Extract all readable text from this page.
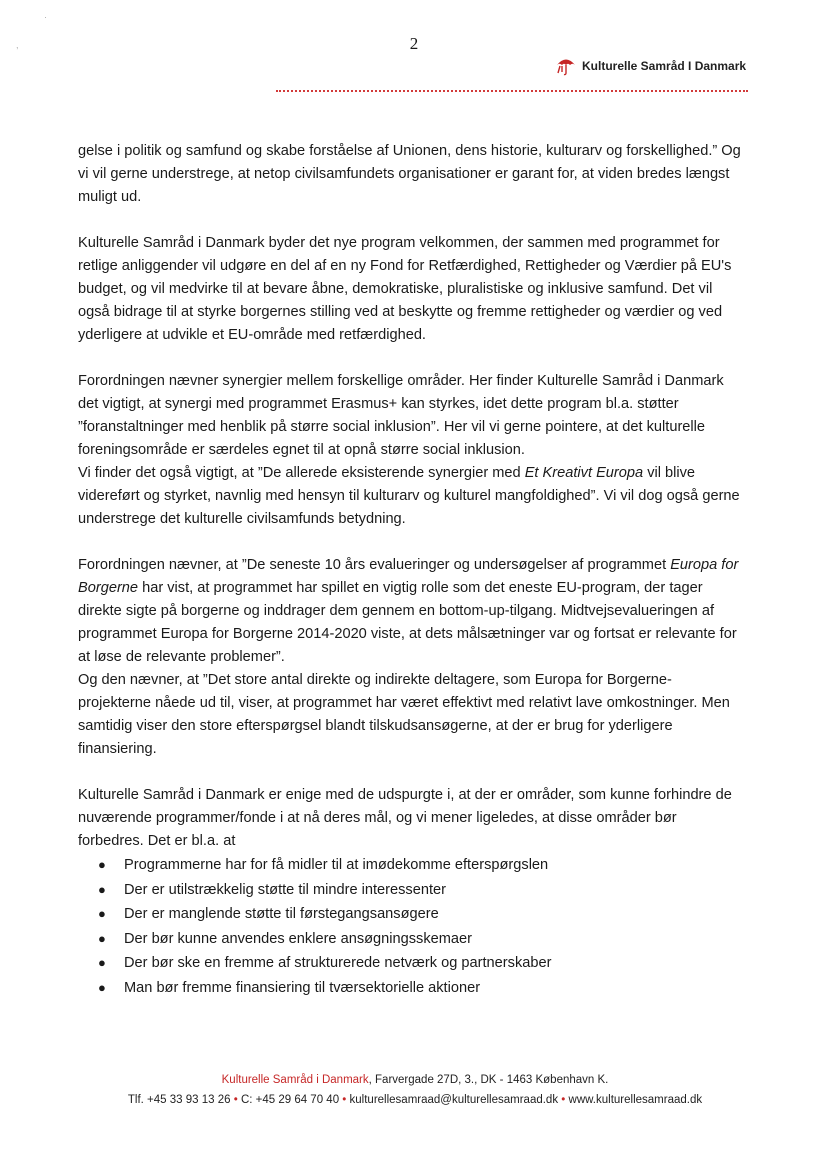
·
,	2
Kulturelle Samråd I Danmark

gelse i politik og samfund og skabe forståelse af Unionen, dens historie, kulturarv og forskellighed.” Og vi vil gerne understrege, at netop civilsamfundets organisationer er garant for, at viden bredes længst muligt ud.

Kulturelle Samråd i Danmark byder det nye program velkommen, der sammen med programmet for retlige anliggender vil udgøre en del af en ny Fond for Retfærdighed, Rettigheder og Værdier på EU's budget, og vil medvirke til at bevare åbne, demokratiske, pluralistiske og inklusive samfund. Det vil også bidrage til at styrke borgernes stilling ved at beskytte og fremme rettigheder og værdier og ved yderligere at udvikle et EU-område med retfærdighed.

Forordningen nævner synergier mellem forskellige områder. Her finder Kulturelle Samråd i Danmark det vigtigt, at synergi med programmet Erasmus+ kan styrkes, idet dette program bl.a. støtter ”foranstaltninger med henblik på større social inklusion”. Her vil vi gerne pointere, at det kulturelle foreningsområde er særdeles egnet til at opnå større social inklusion.

Vi finder det også vigtigt, at ”De allerede eksisterende synergier med Et Kreativt Europa vil blive videreført og styrket, navnlig med hensyn til kulturarv og kulturel mangfoldighed”. Vi vil dog også gerne understrege det kulturelle civilsamfunds betydning.

Forordningen nævner, at ”De seneste 10 års evalueringer og undersøgelser af programmet Europa for Borgerne har vist, at programmet har spillet en vigtig rolle som det eneste EU-program, der tager direkte sigte på borgerne og inddrager dem gennem en bottom-up-tilgang. Midtvejsevalueringen af programmet Europa for Borgerne 2014-2020 viste, at dets målsætninger var og fortsat er relevante for at løse de relevante problemer”.

Og den nævner, at ”Det store antal direkte og indirekte deltagere, som Europa for Borgerne-projekterne nåede ud til, viser, at programmet har været effektivt med relativt lave omkostninger. Men samtidig viser den store efterspørgsel blandt tilskudsansøgerne, at der er brug for yderligere finansiering.

Kulturelle Samråd i Danmark er enige med de udspurgte i, at der er områder, som kunne forhindre de nuværende programmer/fonde i at nå deres mål, og vi mener ligeledes, at disse områder bør forbedres. Det er bl.a. at

● Programmerne har for få midler til at imødekomme efterspørgslen
● Der er utilstrækkelig støtte til mindre interessenter
● Der er manglende støtte til førstegangsansøgere
● Der bør kunne anvendes enklere ansøgningsskemaer
● Der bør ske en fremme af strukturerede netværk og partnerskaber
● Man bør fremme finansiering til tværsektorielle aktioner
Kulturelle Samråd i Danmark, Farvergade 27D, 3., DK - 1463 København K.
Tlf. +45 33 93 13 26 • C: +45 29 64 70 40 • kulturellesamraad@kulturellesamraad.dk • www.kulturellesamraad.dk
